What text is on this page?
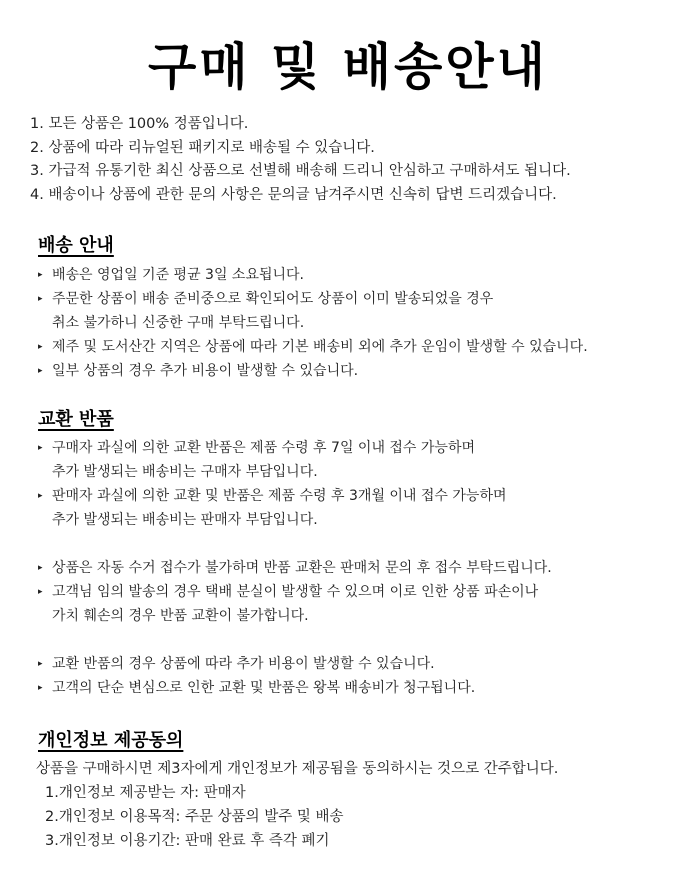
구매 및 배송안내
1. 모든 상품은 100% 정품입니다.
2. 상품에 따라 리뉴얼된 패키지로 배송될 수 있습니다.
3. 가급적 유통기한 최신 상품으로 선별해 배송해 드리니 안심하고 구매하셔도 됩니다.
4. 배송이나 상품에 관한 문의 사항은 문의글 남겨주시면 신속히 답변 드리겠습니다.
배송 안내
▸ 배송은 영업일 기준 평균 3일 소요됩니다.
▸ 주문한 상품이 배송 준비중으로 확인되어도 상품이 이미 발송되었을 경우
취소 불가하니 신중한 구매 부탁드립니다.
▸ 제주 및 도서산간 지역은 상품에 따라 기본 배송비 외에 추가 운임이 발생할 수 있습니다.
▸ 일부 상품의 경우 추가 비용이 발생할 수 있습니다.
교환 반품
▸ 구매자 과실에 의한 교환 반품은 제품 수령 후 7일 이내 접수 가능하며
추가 발생되는 배송비는 구매자 부담입니다.
▸ 판매자 과실에 의한 교환 및 반품은 제품 수령 후 3개월 이내 접수 가능하며
추가 발생되는 배송비는 판매자 부담입니다.
▸ 상품은 자동 수거 접수가 불가하며 반품 교환은 판매처 문의 후 접수 부탁드립니다.
▸ 고객님 임의 발송의 경우 택배 분실이 발생할 수 있으며 이로 인한 상품 파손이나
가치 훼손의 경우 반품 교환이 불가합니다.
▸ 교환 반품의 경우 상품에 따라 추가 비용이 발생할 수 있습니다.
▸ 고객의 단순 변심으로 인한 교환 및 반품은 왕복 배송비가 청구됩니다.
개인정보 제공동의
상품을 구매하시면 제3자에게 개인정보가 제공됨을 동의하시는 것으로 간주합니다.
1.개인정보 제공받는 자: 판매자
2.개인정보 이용목적: 주문 상품의 발주 및 배송
3.개인정보 이용기간: 판매 완료 후 즉각 폐기
